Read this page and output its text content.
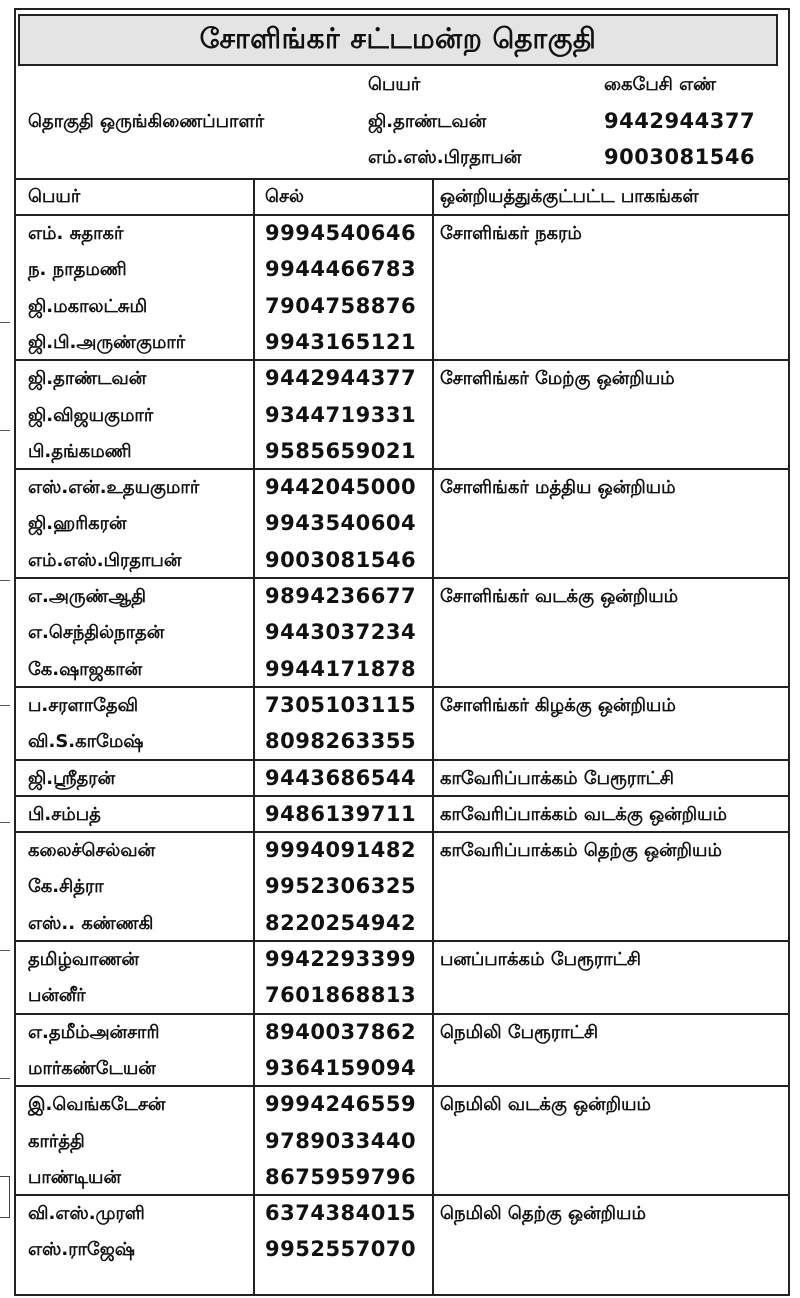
சோளிங்கர் சட்டமன்ற தொகுதி
பெயர்	கைபேசி எண்
தொகுதி ஒருங்கிணைப்பாளர்	ஜி.தாண்டவன்	9442944377
எம்.எஸ்.பிரதாபன்	9003081546
பெயர்	செல்	ஒன்றியத்துக்குட்பட்ட பாகங்கள்
எம். சுதாகர்	9994540646 சோளிங்கர் நகரம்
ந. நாதமணி	9944466783
ஜி.மகாலட்சுமி	7904758876
ஜி.பி.அருண்குமார்	9943165121
ஜி.தாண்டவன்	9442944377 சோளிங்கர் மேற்கு ஒன்றியம்
ஜி.விஜயகுமார்	9344719331
பி.தங்கமணி	9585659021
எஸ்.என்.உதயகுமார்	9442045000 சோளிங்கர் மத்திய ஒன்றியம்
ஜி.ஹரிகரன்	9943540604
எம்.எஸ்.பிரதாபன்	9003081546
எ.அருண்ஆதி	9894236677 சோளிங்கர் வடக்கு ஒன்றியம்
எ.செந்தில்நாதன்	9443037234
கே.ஷாஜகான்	9944171878
ப.சரளாதேவி	7305103115 சோளிங்கர் கிழக்கு ஒன்றியம்
வி.S.காமேஷ்	8098263355
ஜி.ஶ்ரீதரன்	9443686544 காவேரிப்பாக்கம் பேரூராட்சி
பி.சம்பத்	9486139711 காவேரிப்பாக்கம் வடக்கு ஒன்றியம்
கலைச்செல்வன்	9994091482 காவேரிப்பாக்கம் தெற்கு ஒன்றியம்
கே.சித்ரா	9952306325
எஸ்.. கண்ணகி	8220254942
தமிழ்வாணன்	9942293399 பனப்பாக்கம் பேரூராட்சி
பன்னீர்	7601868813
எ.தமீம்அன்சாரி	8940037862 நெமிலி பேரூராட்சி
மார்கண்டேயன்	9364159094
இ.வெங்கடேசன்	9994246559 நெமிலி வடக்கு ஒன்றியம்
கார்த்தி	9789033440
பாண்டியன்	8675959796
வி.எஸ்.முரளி	6374384015 நெமிலி தெற்கு ஒன்றியம்
எஸ்.ராஜேஷ்	9952557070
